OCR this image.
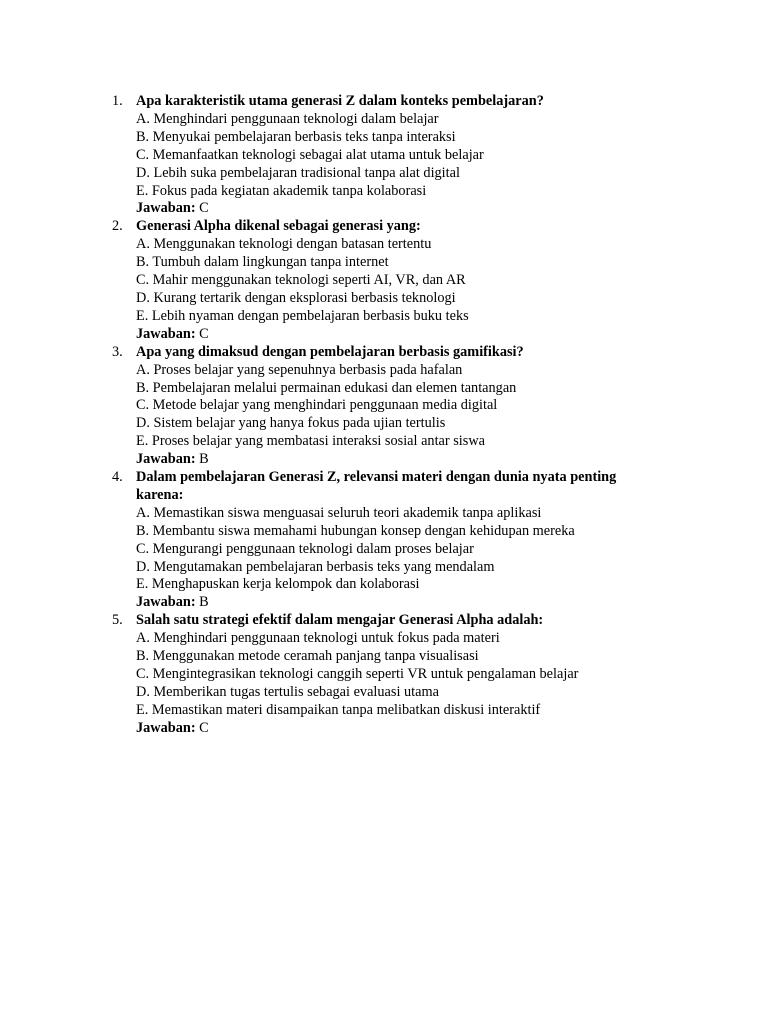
1. Apa karakteristik utama generasi Z dalam konteks pembelajaran?
A. Menghindari penggunaan teknologi dalam belajar
B. Menyukai pembelajaran berbasis teks tanpa interaksi
C. Memanfaatkan teknologi sebagai alat utama untuk belajar
D. Lebih suka pembelajaran tradisional tanpa alat digital
E. Fokus pada kegiatan akademik tanpa kolaborasi
Jawaban: C
2. Generasi Alpha dikenal sebagai generasi yang:
A. Menggunakan teknologi dengan batasan tertentu
B. Tumbuh dalam lingkungan tanpa internet
C. Mahir menggunakan teknologi seperti AI, VR, dan AR
D. Kurang tertarik dengan eksplorasi berbasis teknologi
E. Lebih nyaman dengan pembelajaran berbasis buku teks
Jawaban: C
3. Apa yang dimaksud dengan pembelajaran berbasis gamifikasi?
A. Proses belajar yang sepenuhnya berbasis pada hafalan
B. Pembelajaran melalui permainan edukasi dan elemen tantangan
C. Metode belajar yang menghindari penggunaan media digital
D. Sistem belajar yang hanya fokus pada ujian tertulis
E. Proses belajar yang membatasi interaksi sosial antar siswa
Jawaban: B
4. Dalam pembelajaran Generasi Z, relevansi materi dengan dunia nyata penting karena:
A. Memastikan siswa menguasai seluruh teori akademik tanpa aplikasi
B. Membantu siswa memahami hubungan konsep dengan kehidupan mereka
C. Mengurangi penggunaan teknologi dalam proses belajar
D. Mengutamakan pembelajaran berbasis teks yang mendalam
E. Menghapuskan kerja kelompok dan kolaborasi
Jawaban: B
5. Salah satu strategi efektif dalam mengajar Generasi Alpha adalah:
A. Menghindari penggunaan teknologi untuk fokus pada materi
B. Menggunakan metode ceramah panjang tanpa visualisasi
C. Mengintegrasikan teknologi canggih seperti VR untuk pengalaman belajar
D. Memberikan tugas tertulis sebagai evaluasi utama
E. Memastikan materi disampaikan tanpa melibatkan diskusi interaktif
Jawaban: C
